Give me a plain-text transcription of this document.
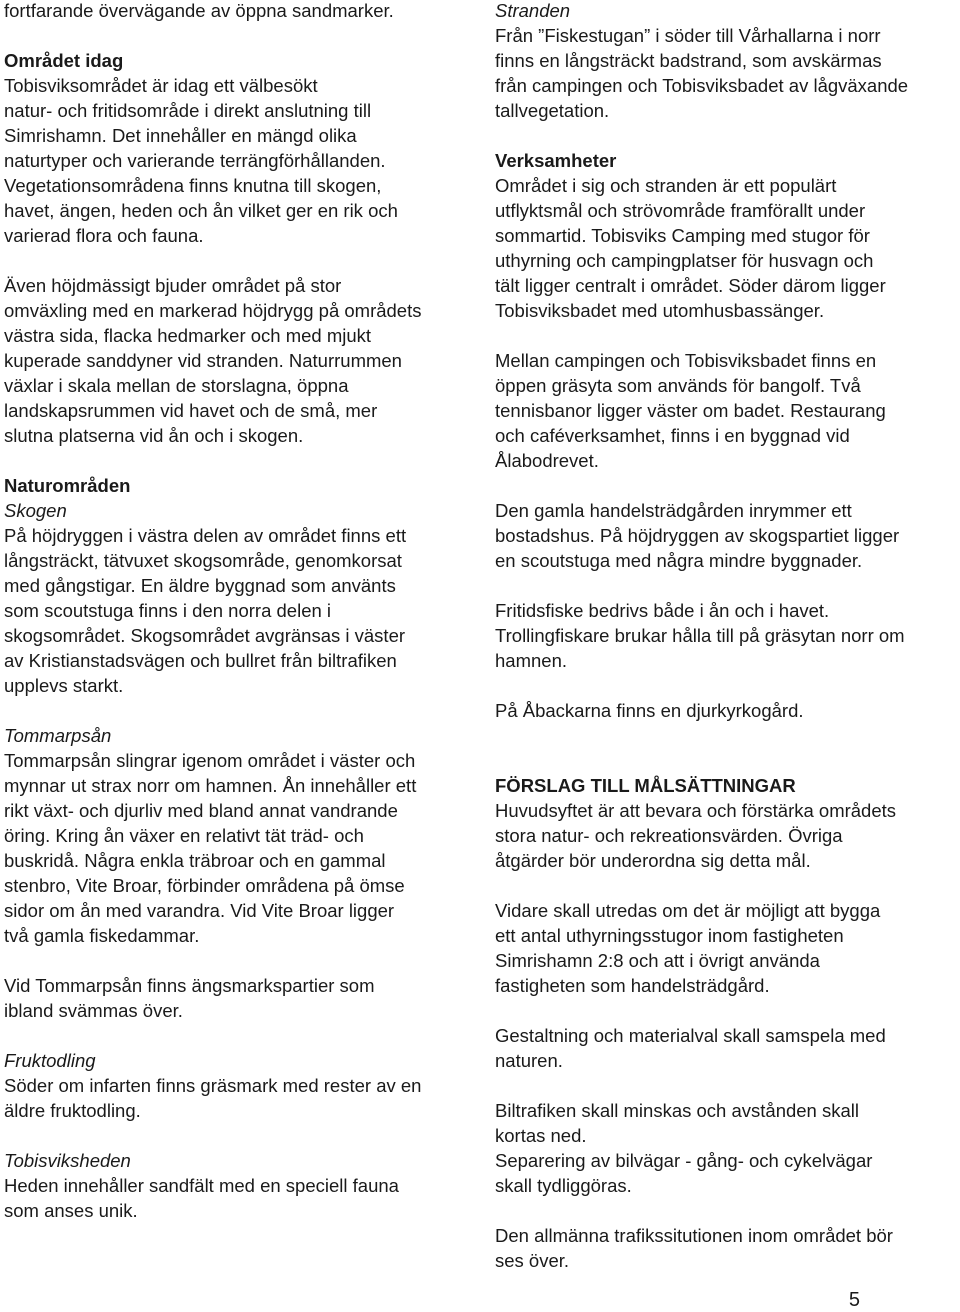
fortfarande övervägande av öppna sandmarker.

Området idag

Tobisviksområdet är idag ett välbesökt
natur- och fritidsområde i direkt anslutning till
Simrishamn. Det innehåller en mängd olika
naturtyper och varierande terrängförhållanden.
Vegetationsområdena finns knutna till skogen,
havet, ängen, heden och ån vilket ger en rik och
varierad flora och fauna.

Även höjdmässigt bjuder området på stor
omväxling med en markerad höjdrygg på områdets
västra sida, flacka hedmarker och med mjukt
kuperade sanddyner vid stranden. Naturrummen
växlar i skala mellan de storslagna, öppna
landskapsrummen vid havet och de små, mer
slutna platserna vid ån och i skogen.

Naturområden

Skogen

På höjdryggen i västra delen av området finns ett
långsträckt, tätvuxet skogsområde, genomkorsat
med gångstigar. En äldre byggnad som använts
som scoutstuga finns i den norra delen i
skogsområdet. Skogsområdet avgränsas i väster
av Kristianstadsvägen och bullret från biltrafiken
upplevs starkt.

Tommarpsån

Tommarpsån slingrar igenom området i väster och
mynnar ut strax norr om hamnen. Ån innehåller ett
rikt växt- och djurliv med bland annat vandrande
öring. Kring ån växer en relativt tät träd- och
buskridå. Några enkla träbroar och en gammal
stenbro, Vite Broar, förbinder områdena på ömse
sidor om ån med varandra. Vid Vite Broar ligger
två gamla fiskedammar.

Vid Tommarpsån finns ängsmarkspartier som
ibland svämmas över.

Fruktodling

Söder om infarten finns gräsmark med rester av en
äldre fruktodling.

Tobisviksheden

Heden innehåller sandfält med en speciell fauna
som anses unik.

Stranden

Från ”Fiskestugan” i söder till Vårhallarna i norr
finns en långsträckt badstrand, som avskärmas
från campingen och Tobisviksbadet av lågväxande
tallvegetation.

Verksamheter

Området i sig och stranden är ett populärt
utflyktsmål och strövområde framförallt under
sommartid. Tobisviks Camping med stugor för
uthyrning och campingplatser för husvagn och
tält ligger centralt i området. Söder därom ligger
Tobisviksbadet med utomhusbassänger.

Mellan campingen och Tobisviksbadet finns en
öppen gräsyta som används för bangolf. Två
tennisbanor ligger väster om badet. Restaurang
och caféverksamhet, finns i en byggnad vid
Ålabodrevet.

Den gamla handelsträdgården inrymmer ett
bostadshus. På höjdryggen av skogspartiet ligger
en scoutstuga med några mindre byggnader.

Fritidsfiske bedrivs både i ån och i havet.
Trollingfiskare brukar hålla till på gräsytan norr om
hamnen.

På Åbackarna finns en djurkyrkogård.

FÖRSLAG TILL MÅLSÄTTNINGAR

Huvudsyftet är att bevara och förstärka områdets
stora natur- och rekreationsvärden. Övriga
åtgärder bör underordna sig detta mål.

Vidare skall utredas om det är möjligt att bygga
ett antal uthyrningsstugor inom fastigheten
Simrishamn 2:8 och att i övrigt använda
fastigheten som handelsträdgård.

Gestaltning och materialval skall samspela med
naturen.

Biltrafiken skall minskas och avstånden skall
kortas ned.
Separering av bilvägar - gång- och cykelvägar
skall tydliggöras.

Den allmänna trafikssitutionen inom området bör
ses över.

5
